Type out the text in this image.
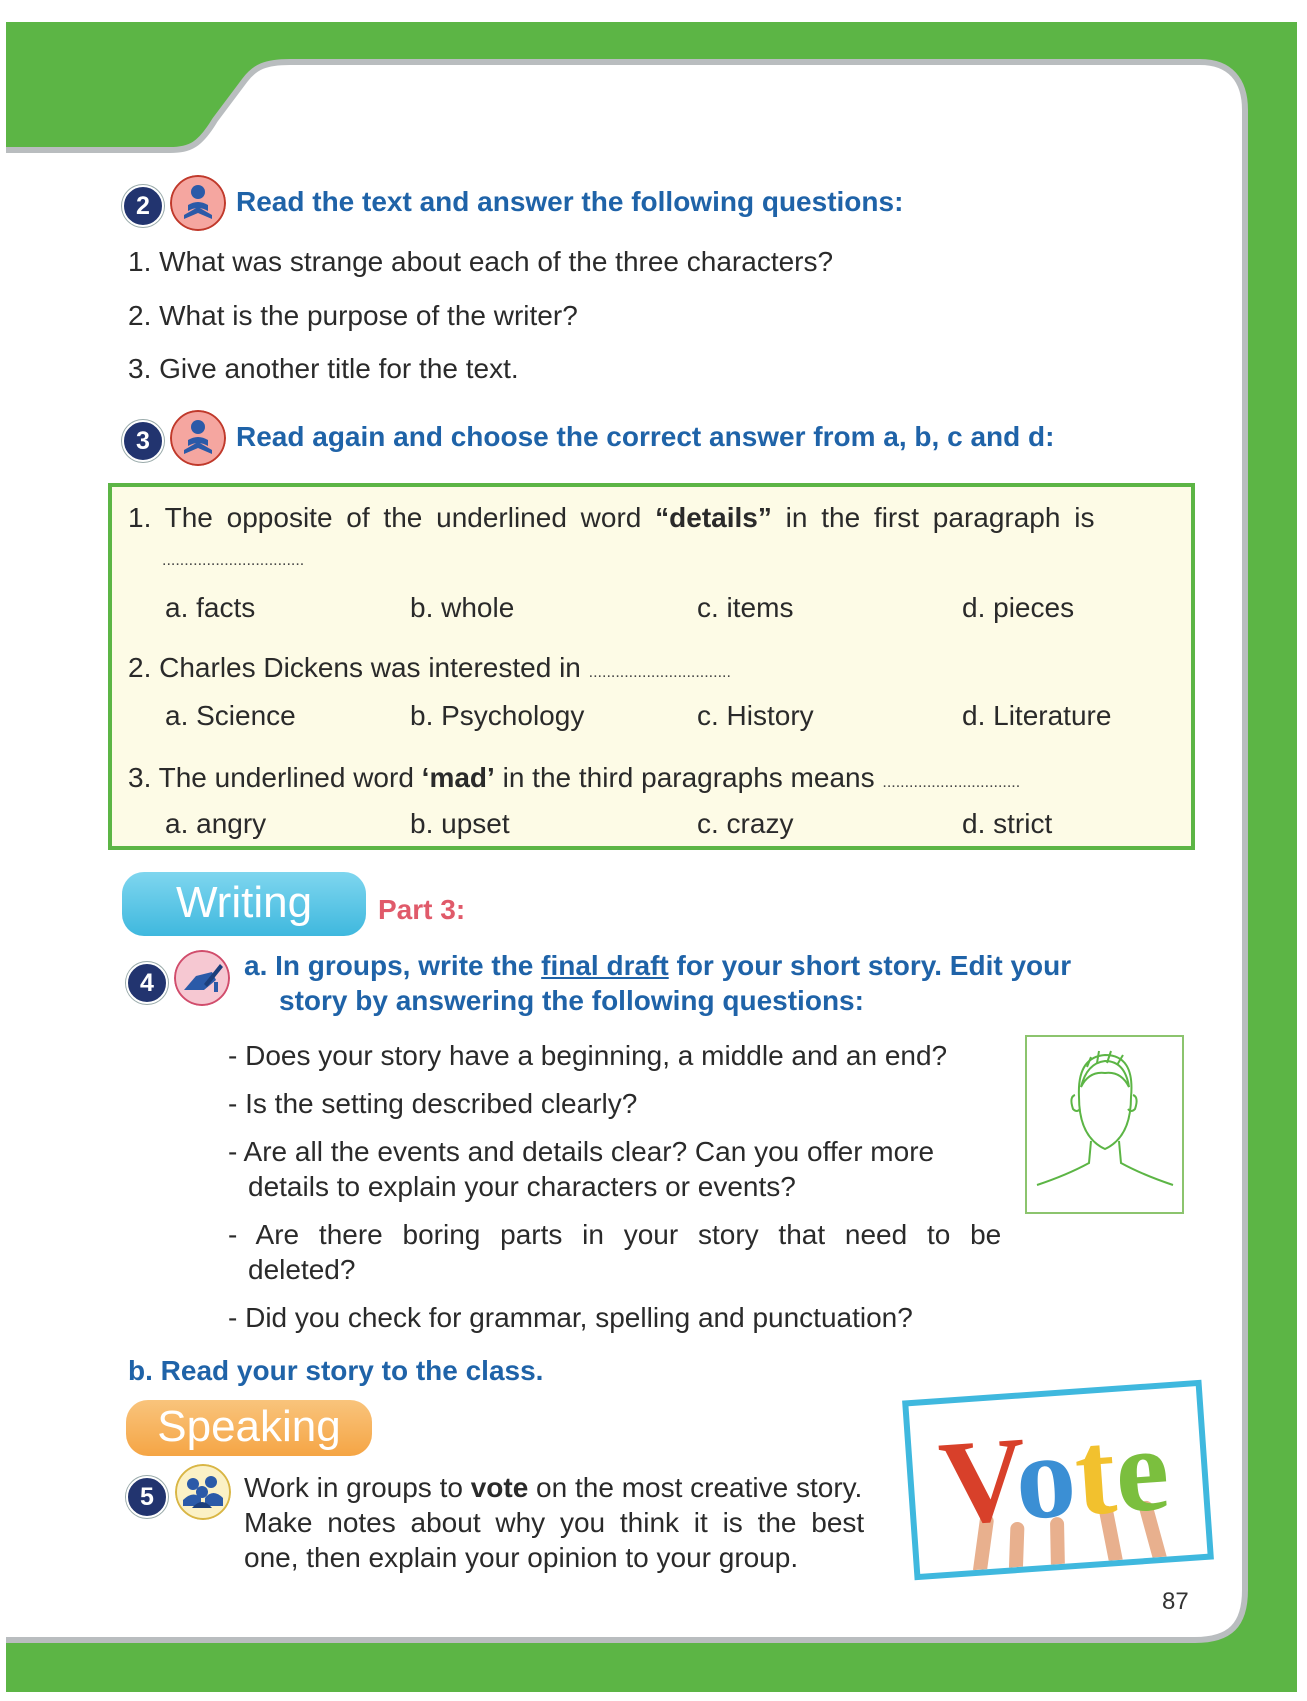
2	Read the text and answer the following questions:
1. What was strange about each of the three characters?
2. What is the purpose of the writer?
3. Give another title for the text.
3	Read again and choose the correct answer from a, b, c and d:
1. The opposite of the underlined word “details” in the first paragraph is
................................
a. facts	b. whole	c. items	d. pieces
2. Charles Dickens was interested in ................................
a. Science	b. Psychology	c. History	d. Literature
3. The underlined word ‘mad’ in the third paragraphs means ...............................
a. angry	b. upset	c. crazy	d. strict
Writing	Part 3:
4
a. In groups, write the final draft for your short story. Edit your
story by answering the following questions:
- Does your story have a beginning, a middle and an end?
- Is the setting described clearly?
- Are all the events and details clear? Can you offer more
details to explain your characters or events?
- Are there boring parts in your story that need to be
deleted?
- Did you check for grammar, spelling and punctuation?
b. Read your story to the class.
Speaking
5	Work in groups to vote on the most creative story.
Make notes about why you think it is the best
one, then explain your opinion to your group.
Vote
87
